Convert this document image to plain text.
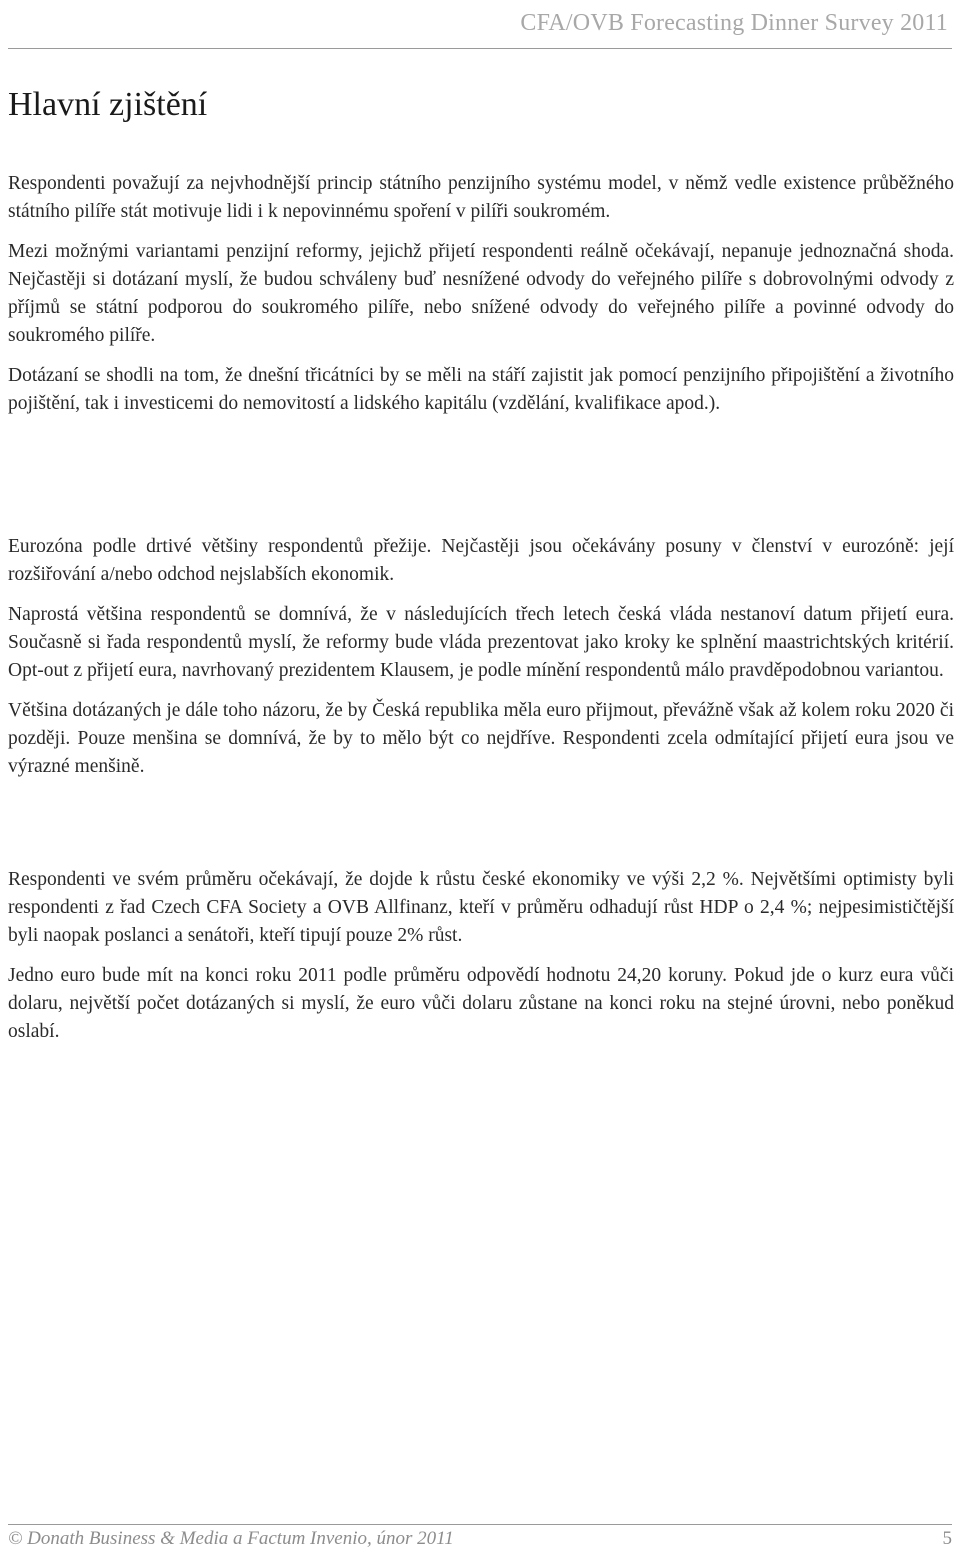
CFA/OVB Forecasting Dinner Survey 2011
Hlavní zjištění

Respondenti považují za nejvhodnější princip státního penzijního systému model, v němž vedle existence průběžného státního pilíře stát motivuje lidi i k nepovinnému spoření v pilíři soukromém.

Mezi možnými variantami penzijní reformy, jejichž přijetí respondenti reálně očekávají, nepanuje jednoznačná shoda. Nejčastěji si dotázaní myslí, že budou schváleny buď nesnížené odvody do veřejného pilíře s dobrovolnými odvody z příjmů se státní podporou do soukromého pilíře, nebo snížené odvody do veřejného pilíře a povinné odvody do soukromého pilíře.

Dotázaní se shodli na tom, že dnešní třicátníci by se měli na stáří zajistit jak pomocí penzijního připojištění a životního pojištění, tak i investicemi do nemovitostí a lidského kapitálu (vzdělání, kvalifikace apod.).

Eurozóna podle drtivé většiny respondentů přežije. Nejčastěji jsou očekávány posuny v členství v eurozóně: její rozšiřování a/nebo odchod nejslabších ekonomik.

Naprostá většina respondentů se domnívá, že v následujících třech letech česká vláda nestanoví datum přijetí eura. Současně si řada respondentů myslí, že reformy bude vláda prezentovat jako kroky ke splnění maastrichtských kritérií. Opt-out z přijetí eura, navrhovaný prezidentem Klausem, je podle mínění respondentů málo pravděpodobnou variantou.

Většina dotázaných je dále toho názoru, že by Česká republika měla euro přijmout, převážně však až kolem roku 2020 či později. Pouze menšina se domnívá, že by to mělo být co nejdříve. Respondenti zcela odmítající přijetí eura jsou ve výrazné menšině.

Respondenti ve svém průměru očekávají, že dojde k růstu české ekonomiky ve výši 2,2 %. Největšími optimisty byli respondenti z řad Czech CFA Society a OVB Allfinanz, kteří v průměru odhadují růst HDP o 2,4 %; nejpesimističtější byli naopak poslanci a senátoři, kteří tipují pouze 2% růst.

Jedno euro bude mít na konci roku 2011 podle průměru odpovědí hodnotu 24,20 koruny. Pokud jde o kurz eura vůči dolaru, největší počet dotázaných si myslí, že euro vůči dolaru zůstane na konci roku na stejné úrovni, nebo poněkud oslabí.

© Donath Business & Media a Factum Invenio, únor 2011	5
